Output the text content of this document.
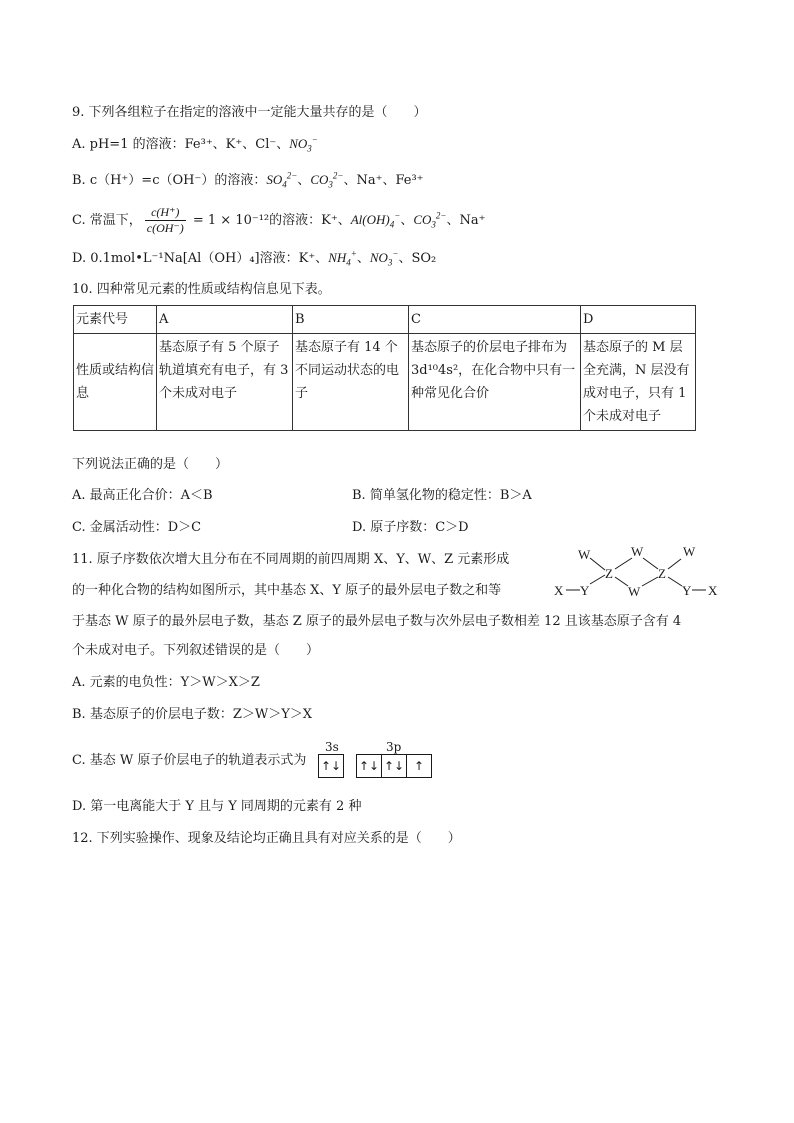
9. 下列各组粒子在指定的溶液中一定能大量共存的是（　　）
A. pH=1 的溶液：Fe³⁺、K⁺、Cl⁻、$NO_3^-$
B. c（H⁺）=c（OH⁻）的溶液：$SO_4^{2-}$、$CO_3^{2-}$、Na⁺、Fe³⁺
C. 常温下， $\frac{c(H^+)}{c(OH^-)} = 1 \times 10^{-12}$的溶液：K⁺、$Al(OH)_4^-$、$CO_3^{2-}$、Na⁺
D. 0.1mol•L⁻¹Na[Al（OH）₄]溶液：K⁺、$NH_4^+$、$NO_3^-$、SO₂
10. 四种常见元素的性质或结构信息见下表。
元素代号	A	B	C	D
性质或结构信息	基态原子有 5 个原子轨道填充有电子，有 3 个未成对电子	基态原子有 14 个不同运动状态的电子	基态原子的价层电子排布为 3d¹⁰4s²，在化合物中只有一种常见化合价	基态原子的 M 层全充满，N 层没有成对电子，只有 1 个未成对电子
下列说法正确的是（　　）
A. 最高正化合价：A＜B	B. 简单氢化物的稳定性：B＞A
C. 金属活动性：D＞C	D. 原子序数：C＞D
11. 原子序数依次增大且分布在不同周期的前四周期 X、Y、W、Z 元素形成
的一种化合物的结构如图所示，其中基态 X、Y 原子的最外层电子数之和等
于基态 W 原子的最外层电子数，基态 Z 原子的最外层电子数与次外层电子数相差 12 且该基态原子含有 4
个未成对电子。下列叙述错误的是（　　）
W	W	W
W
Z	Z
X Y	Y X
A. 元素的电负性：Y＞W＞X＞Z
B. 基态原子的价层电子数：Z＞W＞Y＞X
C. 基态 W 原子价层电子的轨道表示式为
3s
↑↓
3p
↑↓ ↑↓ ↑
D. 第一电离能大于 Y 且与 Y 同周期的元素有 2 种
12. 下列实验操作、现象及结论均正确且具有对应关系的是（　　）
